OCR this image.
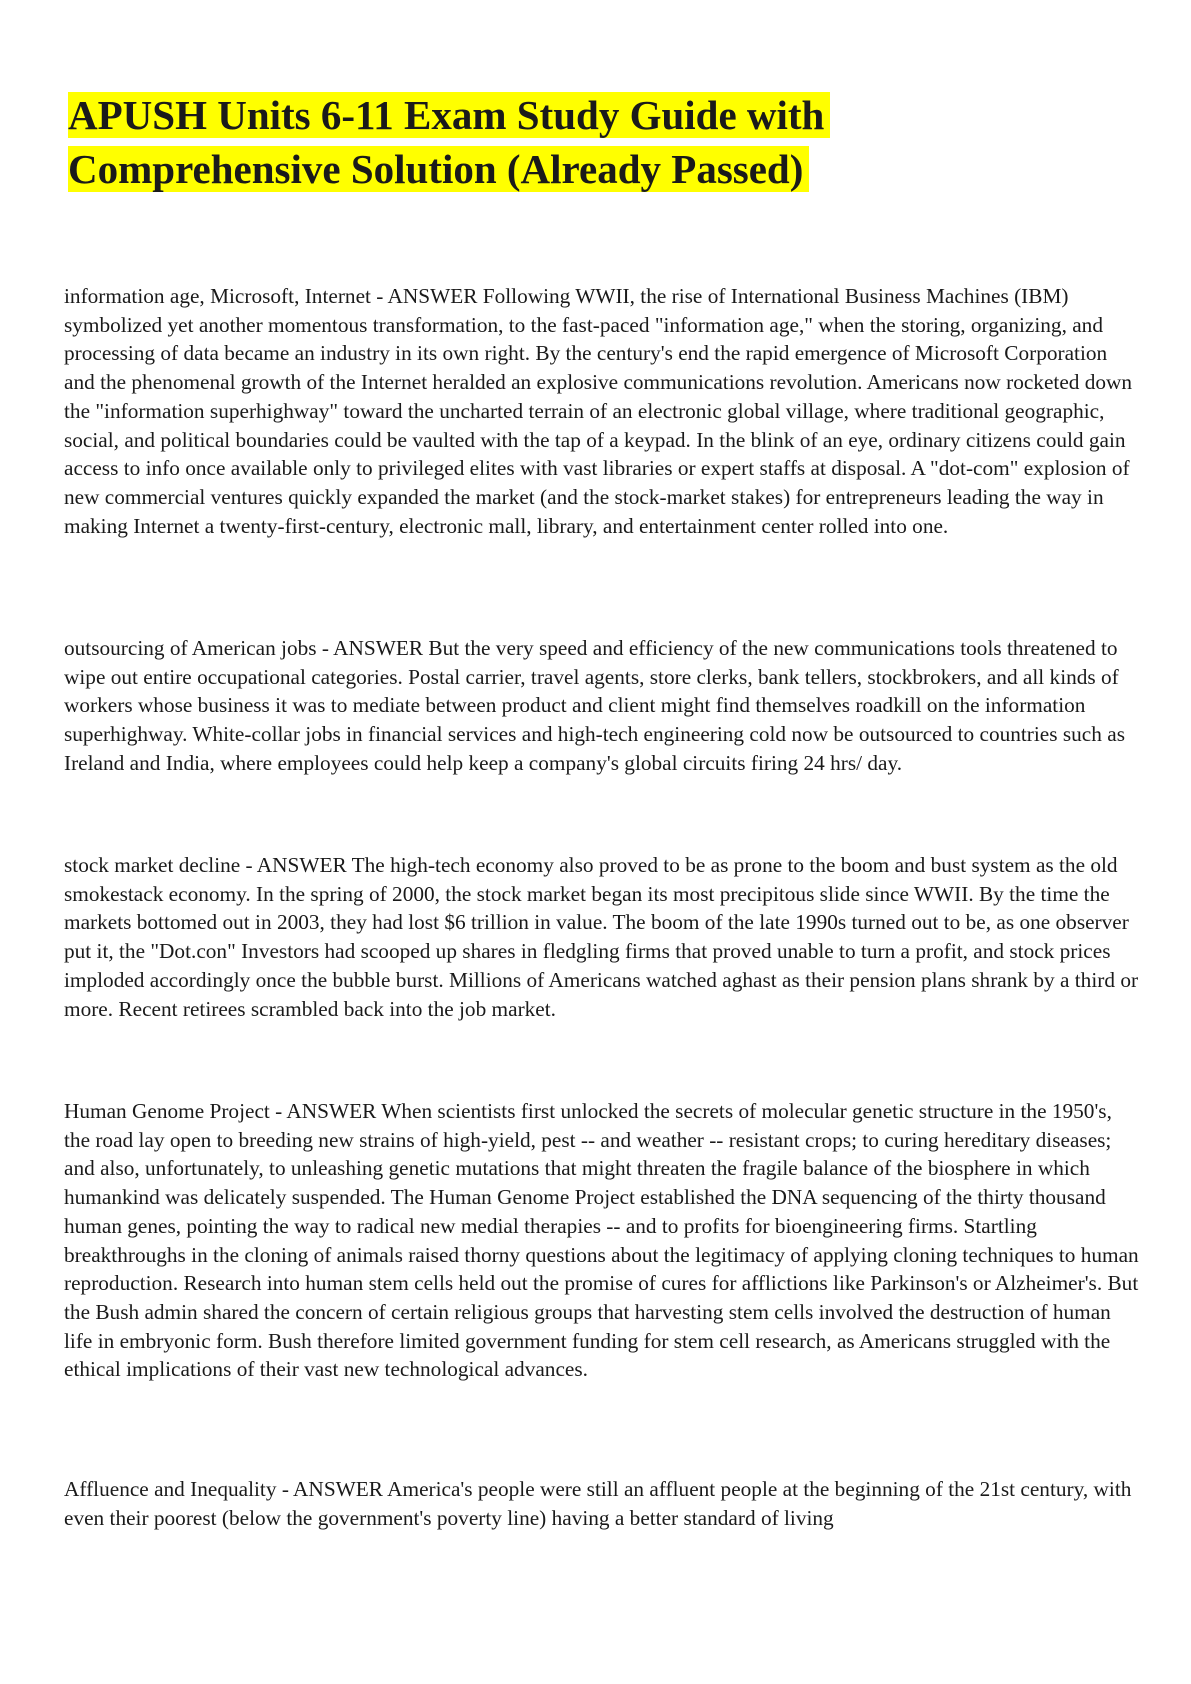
APUSH Units 6-11 Exam Study Guide with
Comprehensive Solution (Already Passed)

information age, Microsoft, Internet - ANSWER Following WWII, the rise of International Business Machines (IBM) symbolized yet another momentous transformation, to the fast-paced "information age," when the storing, organizing, and processing of data became an industry in its own right. By the century's end the rapid emergence of Microsoft Corporation and the phenomenal growth of the Internet heralded an explosive communications revolution. Americans now rocketed down the "information superhighway" toward the uncharted terrain of an electronic global village, where traditional geographic, social, and political boundaries could be vaulted with the tap of a keypad. In the blink of an eye, ordinary citizens could gain access to info once available only to privileged elites with vast libraries or expert staffs at disposal. A "dot-com" explosion of new commercial ventures quickly expanded the market (and the stock-market stakes) for entrepreneurs leading the way in making Internet a twenty-first-century, electronic mall, library, and entertainment center rolled into one.

outsourcing of American jobs - ANSWER But the very speed and efficiency of the new communications tools threatened to wipe out entire occupational categories. Postal carrier, travel agents, store clerks, bank tellers, stockbrokers, and all kinds of workers whose business it was to mediate between product and client might find themselves roadkill on the information superhighway. White-collar jobs in financial services and high-tech engineering cold now be outsourced to countries such as Ireland and India, where employees could help keep a company's global circuits firing 24 hrs/ day.

stock market decline - ANSWER The high-tech economy also proved to be as prone to the boom and bust system as the old smokestack economy. In the spring of 2000, the stock market began its most precipitous slide since WWII. By the time the markets bottomed out in 2003, they had lost $6 trillion in value. The boom of the late 1990s turned out to be, as one observer put it, the "Dot.con" Investors had scooped up shares in fledgling firms that proved unable to turn a profit, and stock prices imploded accordingly once the bubble burst. Millions of Americans watched aghast as their pension plans shrank by a third or more. Recent retirees scrambled back into the job market.

Human Genome Project - ANSWER When scientists first unlocked the secrets of molecular genetic structure in the 1950's, the road lay open to breeding new strains of high-yield, pest -- and weather -- resistant crops; to curing hereditary diseases; and also, unfortunately, to unleashing genetic mutations that might threaten the fragile balance of the biosphere in which humankind was delicately suspended. The Human Genome Project established the DNA sequencing of the thirty thousand human genes, pointing the way to radical new medial therapies -- and to profits for bioengineering firms. Startling breakthroughs in the cloning of animals raised thorny questions about the legitimacy of applying cloning techniques to human reproduction. Research into human stem cells held out the promise of cures for afflictions like Parkinson's or Alzheimer's. But the Bush admin shared the concern of certain religious groups that harvesting stem cells involved the destruction of human life in embryonic form. Bush therefore limited government funding for stem cell research, as Americans struggled with the ethical implications of their vast new technological advances.

Affluence and Inequality - ANSWER America's people were still an affluent people at the beginning of the 21st century, with even their poorest (below the government's poverty line) having a better standard of living
